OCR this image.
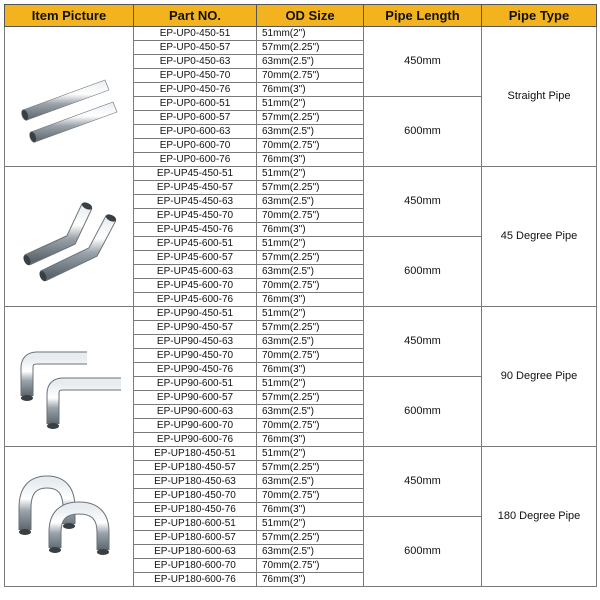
Item Picture	Part NO.	OD Size	Pipe Length	Pipe Type

	EP-UP0-450-51	51mm(2")	450mm	Straight Pipe
	EP-UP0-450-57	57mm(2.25")		
	EP-UP0-450-63	63mm(2.5")		
	EP-UP0-450-70	70mm(2.75")		
	EP-UP0-450-76	76mm(3")		
	EP-UP0-600-51	51mm(2")	600mm	
	EP-UP0-600-57	57mm(2.25")		
	EP-UP0-600-63	63mm(2.5")		
	EP-UP0-600-70	70mm(2.75")		
	EP-UP0-600-76	76mm(3")		

	EP-UP45-450-51	51mm(2")	450mm	45 Degree Pipe
	EP-UP45-450-57	57mm(2.25")		
	EP-UP45-450-63	63mm(2.5")		
	EP-UP45-450-70	70mm(2.75")		
	EP-UP45-450-76	76mm(3")		
	EP-UP45-600-51	51mm(2")	600mm	
	EP-UP45-600-57	57mm(2.25")		
	EP-UP45-600-63	63mm(2.5")		
	EP-UP45-600-70	70mm(2.75")		
	EP-UP45-600-76	76mm(3")		

	EP-UP90-450-51	51mm(2")	450mm	90 Degree Pipe
	EP-UP90-450-57	57mm(2.25")		
	EP-UP90-450-63	63mm(2.5")		
	EP-UP90-450-70	70mm(2.75")		
	EP-UP90-450-76	76mm(3")		
	EP-UP90-600-51	51mm(2")	600mm	
	EP-UP90-600-57	57mm(2.25")		
	EP-UP90-600-63	63mm(2.5")		
	EP-UP90-600-70	70mm(2.75")		
	EP-UP90-600-76	76mm(3")		

	EP-UP180-450-51	51mm(2")	450mm	180 Degree Pipe
	EP-UP180-450-57	57mm(2.25")		
	EP-UP180-450-63	63mm(2.5")		
	EP-UP180-450-70	70mm(2.75")		
	EP-UP180-450-76	76mm(3")		
	EP-UP180-600-51	51mm(2")	600mm	
	EP-UP180-600-57	57mm(2.25")		
	EP-UP180-600-63	63mm(2.5")		
	EP-UP180-600-70	70mm(2.75")		
	EP-UP180-600-76	76mm(3")		
